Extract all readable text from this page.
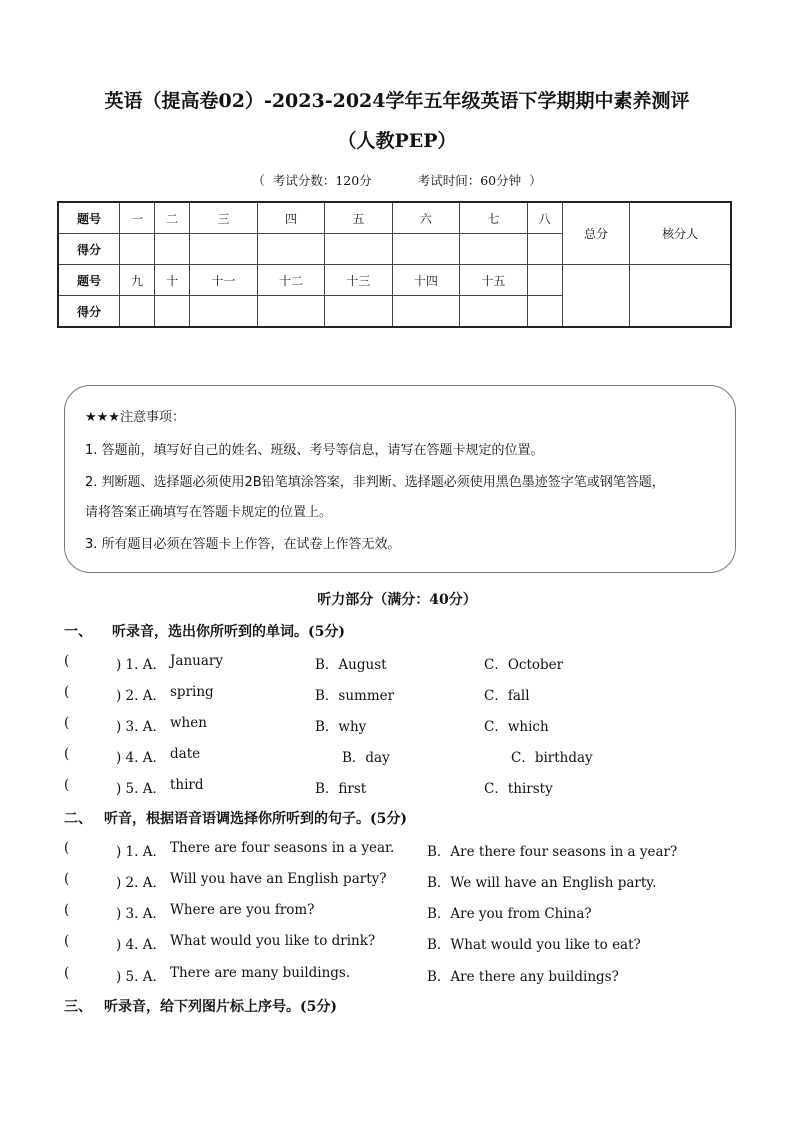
英语（提高卷02）-2023-2024学年五年级英语下学期期中素养测评
（人教PEP）
（ 考试分数：120分	考试时间：60分钟 ）
题号	一	二	三	四	五	六	七	八	总分	核分人
得分										
题号	九	十	十一	十二	十三	十四	十五			
得分										
★★★注意事项：
1. 答题前，填写好自己的姓名、班级、考号等信息，请写在答题卡规定的位置。
2. 判断题、选择题必须使用2B铅笔填涂答案，非判断、选择题必须使用黑色墨迹签字笔或钢笔答题，
请将答案正确填写在答题卡规定的位置上。
3. 所有题目必须在答题卡上作答，在试卷上作答无效。
听力部分（满分：40分）
一、 听录音，选出你所听到的单词。(5分)
(	) 1. A． January	B．August	C．October
(	) 2. A． spring	B．summer	C．fall
(	) 3. A． when	B．why	C．which
(	) 4. A． date	B．day	C．birthday
(	) 5. A． third	B．first	C．thirsty
二、 听音，根据语音语调选择你所听到的句子。(5分)
(	) 1. A． There are four seasons in a year. B．Are there four seasons in a year?
(	) 2. A． Will you have an English party?	B．We will have an English party.
(	) 3. A． Where are you from?	B．Are you from China?
(	) 4. A． What would you like to drink?	B．What would you like to eat?
(	) 5. A． There are many buildings.	B．Are there any buildings?
三、 听录音，给下列图片标上序号。(5分)
